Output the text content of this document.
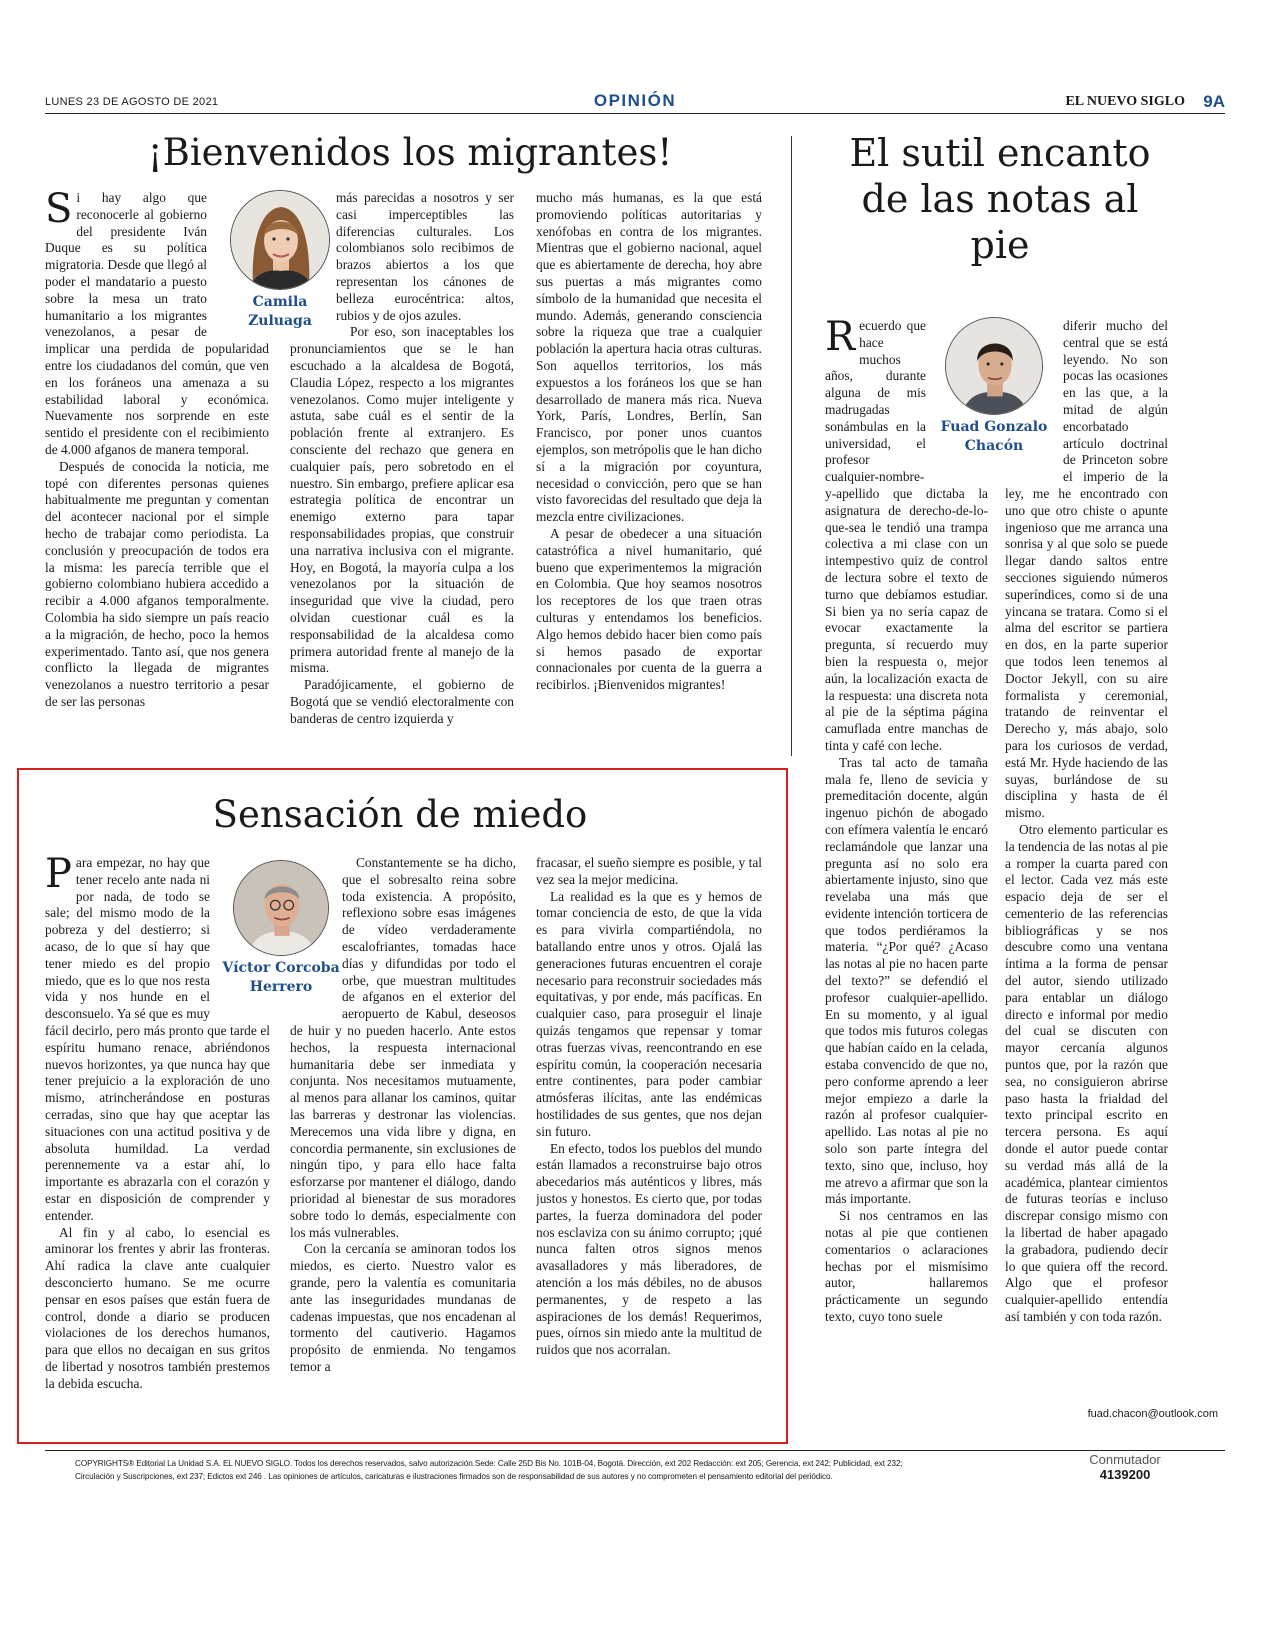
LUNES 23 DE AGOSTO DE 2021	OPINIÓN	EL NUEVO SIGLO 9A
¡Bienvenidos los migrantes!

Si hay algo que reconocerle al gobierno del presidente Iván Duque es su política migratoria. Desde que llegó al poder el mandatario a puesto sobre la mesa un trato humanitario a los migrantes venezolanos, a pesar de implicar una perdida de popularidad entre los ciudadanos del común, que ven en los foráneos una amenaza a su estabilidad laboral y económica. Nuevamente nos sorprende en este sentido el presidente con el recibimiento de 4.000 afganos de manera temporal.

Después de conocida la noticia, me topé con diferentes personas quienes habitualmente me preguntan y comentan del acontecer nacional por el simple hecho de trabajar como periodista. La conclusión y preocupación de todos era la misma: les parecía terrible que el gobierno colombiano hubiera accedido a recibir a 4.000 afganos temporalmente. Colombia ha sido siempre un país reacio a la migración, de hecho, poco la hemos experimentado. Tanto así, que nos genera conflicto la llegada de migrantes venezolanos a nuestro territorio a pesar de ser las personas

Camila
Zuluaga

más parecidas a nosotros y ser casi imperceptibles las diferencias culturales. Los colombianos solo recibimos de brazos abiertos a los que representan los cánones de belleza eurocéntrica: altos, rubios y de ojos azules.

Por eso, son inaceptables los pronunciamientos que se le han escuchado a la alcaldesa de Bogotá, Claudia López, respecto a los migrantes venezolanos. Como mujer inteligente y astuta, sabe cuál es el sentir de la población frente al extranjero. Es consciente del rechazo que genera en cualquier país, pero sobretodo en el nuestro. Sin embargo, prefiere aplicar esa estrategia política de encontrar un enemigo externo para tapar responsabilidades propias, que construir una narrativa inclusiva con el migrante. Hoy, en Bogotá, la mayoría culpa a los venezolanos por la situación de inseguridad que vive la ciudad, pero olvidan cuestionar cuál es la responsabilidad de la alcaldesa como primera autoridad frente al manejo de la misma.

Paradójicamente, el gobierno de Bogotá que se vendió electoralmente con banderas de centro izquierda y

mucho más humanas, es la que está promoviendo políticas autoritarias y xenófobas en contra de los migrantes. Mientras que el gobierno nacional, aquel que es abiertamente de derecha, hoy abre sus puertas a más migrantes como símbolo de la humanidad que necesita el mundo. Además, generando consciencia sobre la riqueza que trae a cualquier población la apertura hacia otras culturas. Son aquellos territorios, los más expuestos a los foráneos los que se han desarrollado de manera más rica. Nueva York, París, Londres, Berlín, San Francisco, por poner unos cuantos ejemplos, son metrópolis que le han dicho sí a la migración por coyuntura, necesidad o convicción, pero que se han visto favorecidas del resultado que deja la mezcla entre civilizaciones.

A pesar de obedecer a una situación catastrófica a nivel humanitario, qué bueno que experimentemos la migración en Colombia. Que hoy seamos nosotros los receptores de los que traen otras culturas y entendamos los beneficios. Algo hemos debido hacer bien como país si hemos pasado de exportar connacionales por cuenta de la guerra a recibirlos. ¡Bienvenidos migrantes!

El sutil encanto de las notas al pie
Fuad Gonzalo
Chacón

Recuerdo que hace muchos años, durante alguna de mis madrugadas sonámbulas en la universidad, el profesor cualquier-nombre-y-apellido que dictaba la asignatura de derecho-de-lo-que-sea le tendió una trampa colectiva a mi clase con un intempestivo quiz de control de lectura sobre el texto de turno que debíamos estudiar. Si bien ya no sería capaz de evocar exactamente la pregunta, sí recuerdo muy bien la respuesta o, mejor aún, la localización exacta de la respuesta: una discreta nota al pie de la séptima página camuflada entre manchas de tinta y café con leche.

Tras tal acto de tamaña mala fe, lleno de sevicia y premeditación docente, algún ingenuo pichón de abogado con efímera valentía le encaró reclamándole que lanzar una pregunta así no solo era abiertamente injusto, sino que revelaba una más que evidente intención torticera de que todos perdiéramos la materia. “¿Por qué? ¿Acaso las notas al pie no hacen parte del texto?” se defendió el profesor cualquier-apellido. En su momento, y al igual que todos mis futuros colegas que habían caído en la celada, estaba convencido de que no, pero conforme aprendo a leer mejor empiezo a darle la razón al profesor cualquier-apellido. Las notas al pie no solo son parte íntegra del texto, sino que, incluso, hoy me atrevo a afirmar que son la más importante.

Si nos centramos en las notas al pie que contienen comentarios o aclaraciones hechas por el mismísimo autor, hallaremos prácticamente un segundo texto, cuyo tono suele

diferir mucho del central que se está leyendo. No son pocas las ocasiones en las que, a la mitad de algún encorbatado artículo doctrinal de Princeton sobre el imperio de la ley, me he encontrado con uno que otro chiste o apunte ingenioso que me arranca una sonrisa y al que solo se puede llegar dando saltos entre secciones siguiendo números superíndices, como si de una yincana se tratara. Como si el alma del escritor se partiera en dos, en la parte superior que todos leen tenemos al Doctor Jekyll, con su aire formalista y ceremonial, tratando de reinventar el Derecho y, más abajo, solo para los curiosos de verdad, está Mr. Hyde haciendo de las suyas, burlándose de su disciplina y hasta de él mismo.

Otro elemento particular es la tendencia de las notas al pie a romper la cuarta pared con el lector. Cada vez más este espacio deja de ser el cementerio de las referencias bibliográficas y se nos descubre como una ventana íntima a la forma de pensar del autor, siendo utilizado para entablar un diálogo directo e informal por medio del cual se discuten con mayor cercanía algunos puntos que, por la razón que sea, no consiguieron abrirse paso hasta la frialdad del texto principal escrito en tercera persona. Es aquí donde el autor puede contar su verdad más allá de la académica, plantear cimientos de futuras teorías e incluso discrepar consigo mismo con la libertad de haber apagado la grabadora, pudiendo decir lo que quiera off the record. Algo que el profesor cualquier-apellido entendía así también y con toda razón.

fuad.chacon@outlook.com
Sensación de miedo

Para empezar, no hay que tener recelo ante nada ni por nada, de todo se sale; del mismo modo de la pobreza y del destierro; si acaso, de lo que sí hay que tener miedo es del propio miedo, que es lo que nos resta vida y nos hunde en el desconsuelo. Ya sé que es muy fácil decirlo, pero más pronto que tarde el espíritu humano renace, abriéndonos nuevos horizontes, ya que nunca hay que tener prejuicio a la exploración de uno mismo, atrincherándose en posturas cerradas, sino que hay que aceptar las situaciones con una actitud positiva y de absoluta humildad. La verdad perennemente va a estar ahí, lo importante es abrazarla con el corazón y estar en disposición de comprender y entender.

Al fin y al cabo, lo esencial es aminorar los frentes y abrir las fronteras. Ahí radica la clave ante cualquier desconcierto humano. Se me ocurre pensar en esos países que están fuera de control, donde a diario se producen violaciones de los derechos humanos, para que ellos no decaigan en sus gritos de libertad y nosotros también prestemos la debida escucha.

Víctor Corcoba
Herrero

Constantemente se ha dicho, que el sobresalto reina sobre toda existencia. A propósito, reflexiono sobre esas imágenes de vídeo verdaderamente escalofriantes, tomadas hace días y difundidas por todo el orbe, que muestran multitudes de afganos en el exterior del aeropuerto de Kabul, deseosos de huir y no pueden hacerlo. Ante estos hechos, la respuesta internacional humanitaria debe ser inmediata y conjunta. Nos necesitamos mutuamente, al menos para allanar los caminos, quitar las barreras y destronar las violencias. Merecemos una vida libre y digna, en concordia permanente, sin exclusiones de ningún tipo, y para ello hace falta esforzarse por mantener el diálogo, dando prioridad al bienestar de sus moradores sobre todo lo demás, especialmente con los más vulnerables.

Con la cercanía se aminoran todos los miedos, es cierto. Nuestro valor es grande, pero la valentía es comunitaria ante las inseguridades mundanas de cadenas impuestas, que nos encadenan al tormento del cautiverio. Hagamos propósito de enmienda. No tengamos temor a

fracasar, el sueño siempre es posible, y tal vez sea la mejor medicina.

La realidad es la que es y hemos de tomar conciencia de esto, de que la vida es para vivirla compartiéndola, no batallando entre unos y otros. Ojalá las generaciones futuras encuentren el coraje necesario para reconstruir sociedades más equitativas, y por ende, más pacíficas. En cualquier caso, para proseguir el linaje quizás tengamos que repensar y tomar otras fuerzas vivas, reencontrando en ese espíritu común, la cooperación necesaria entre continentes, para poder cambiar atmósferas ilícitas, ante las endémicas hostilidades de sus gentes, que nos dejan sin futuro.

En efecto, todos los pueblos del mundo están llamados a reconstruirse bajo otros abecedarios más auténticos y libres, más justos y honestos. Es cierto que, por todas partes, la fuerza dominadora del poder nos esclaviza con su ánimo corrupto; ¡qué nunca falten otros signos menos avasalladores y más liberadores, de atención a los más débiles, no de abusos permanentes, y de respeto a las aspiraciones de los demás! Requerimos, pues, oírnos sin miedo ante la multitud de ruidos que nos acorralan.

COPYRIGHTS® Editorial La Unidad S.A. EL NUEVO SIGLO. Todos los derechos reservados, salvo autorización.Sede: Calle 25D Bis No. 101B-04, Bogotá. Dirección, ext 202 Redacción: ext 205; Gerencia, ext 242; Publicidad, ext 232;
Circulación y Suscripciones, ext 237; Edictos ext 246 . Las opiniones de artículos, caricaturas e ilustraciones firmados son de responsabilidad de sus autores y no comprometen el pensamiento editorial del periódico.
Conmutador
4139200
